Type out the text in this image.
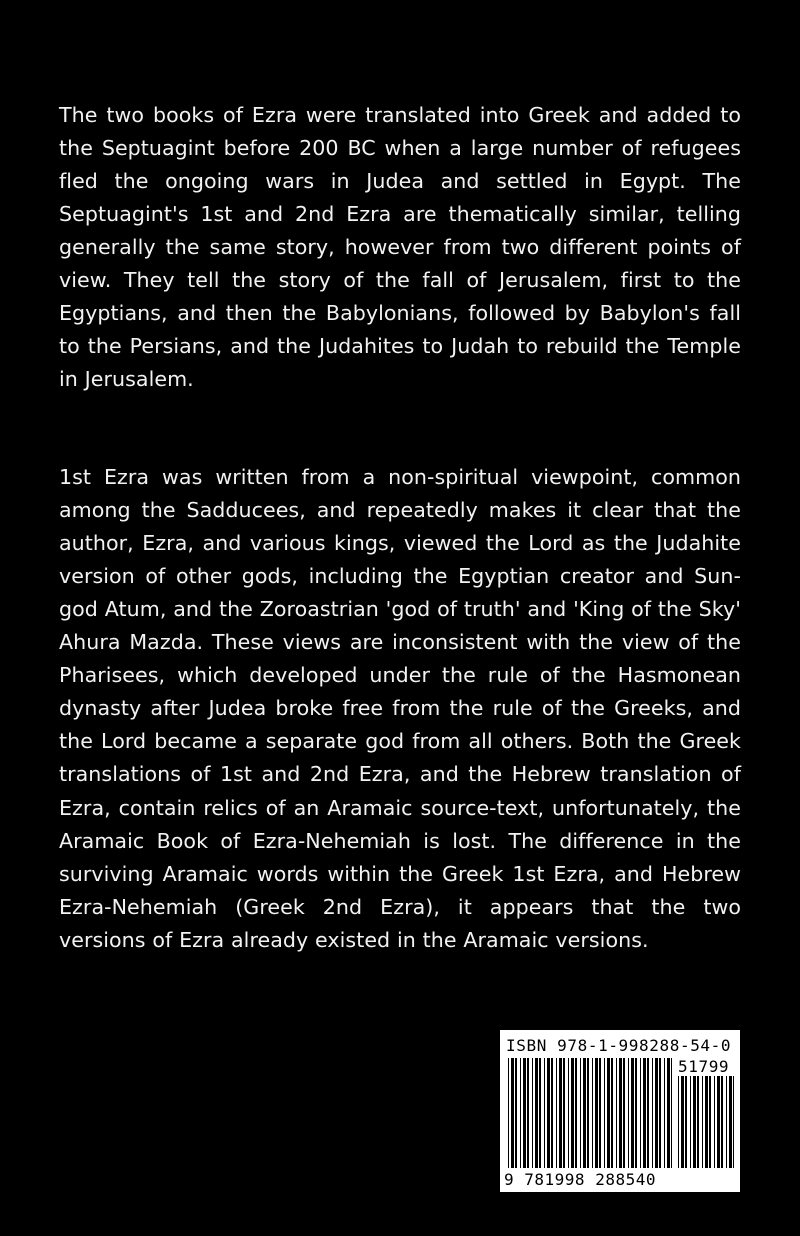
The two books of Ezra were translated into Greek and added to the Septuagint before 200 BC when a large number of refugees fled the ongoing wars in Judea and settled in Egypt. The Septuagint's 1st and 2nd Ezra are thematically similar, telling generally the same story, however from two different points of view. They tell the story of the fall of Jerusalem, first to the Egyptians, and then the Babylonians, followed by Babylon's fall to the Persians, and the Judahites to Judah to rebuild the Temple in Jerusalem.

1st Ezra was written from a non-spiritual viewpoint, common among the Sadducees, and repeatedly makes it clear that the author, Ezra, and various kings, viewed the Lord as the Judahite version of other gods, including the Egyptian creator and Sun-god Atum, and the Zoroastrian 'god of truth' and 'King of the Sky' Ahura Mazda. These views are inconsistent with the view of the Pharisees, which developed under the rule of the Hasmonean dynasty after Judea broke free from the rule of the Greeks, and the Lord became a separate god from all others. Both the Greek translations of 1st and 2nd Ezra, and the Hebrew translation of Ezra, contain relics of an Aramaic source-text, unfortunately, the Aramaic Book of Ezra-Nehemiah is lost. The difference in the surviving Aramaic words within the Greek 1st Ezra, and Hebrew Ezra-Nehemiah (Greek 2nd Ezra), it appears that the two versions of Ezra already existed in the Aramaic versions.

ISBN 978-1-998288-54-0
51799
9 781998 288540
